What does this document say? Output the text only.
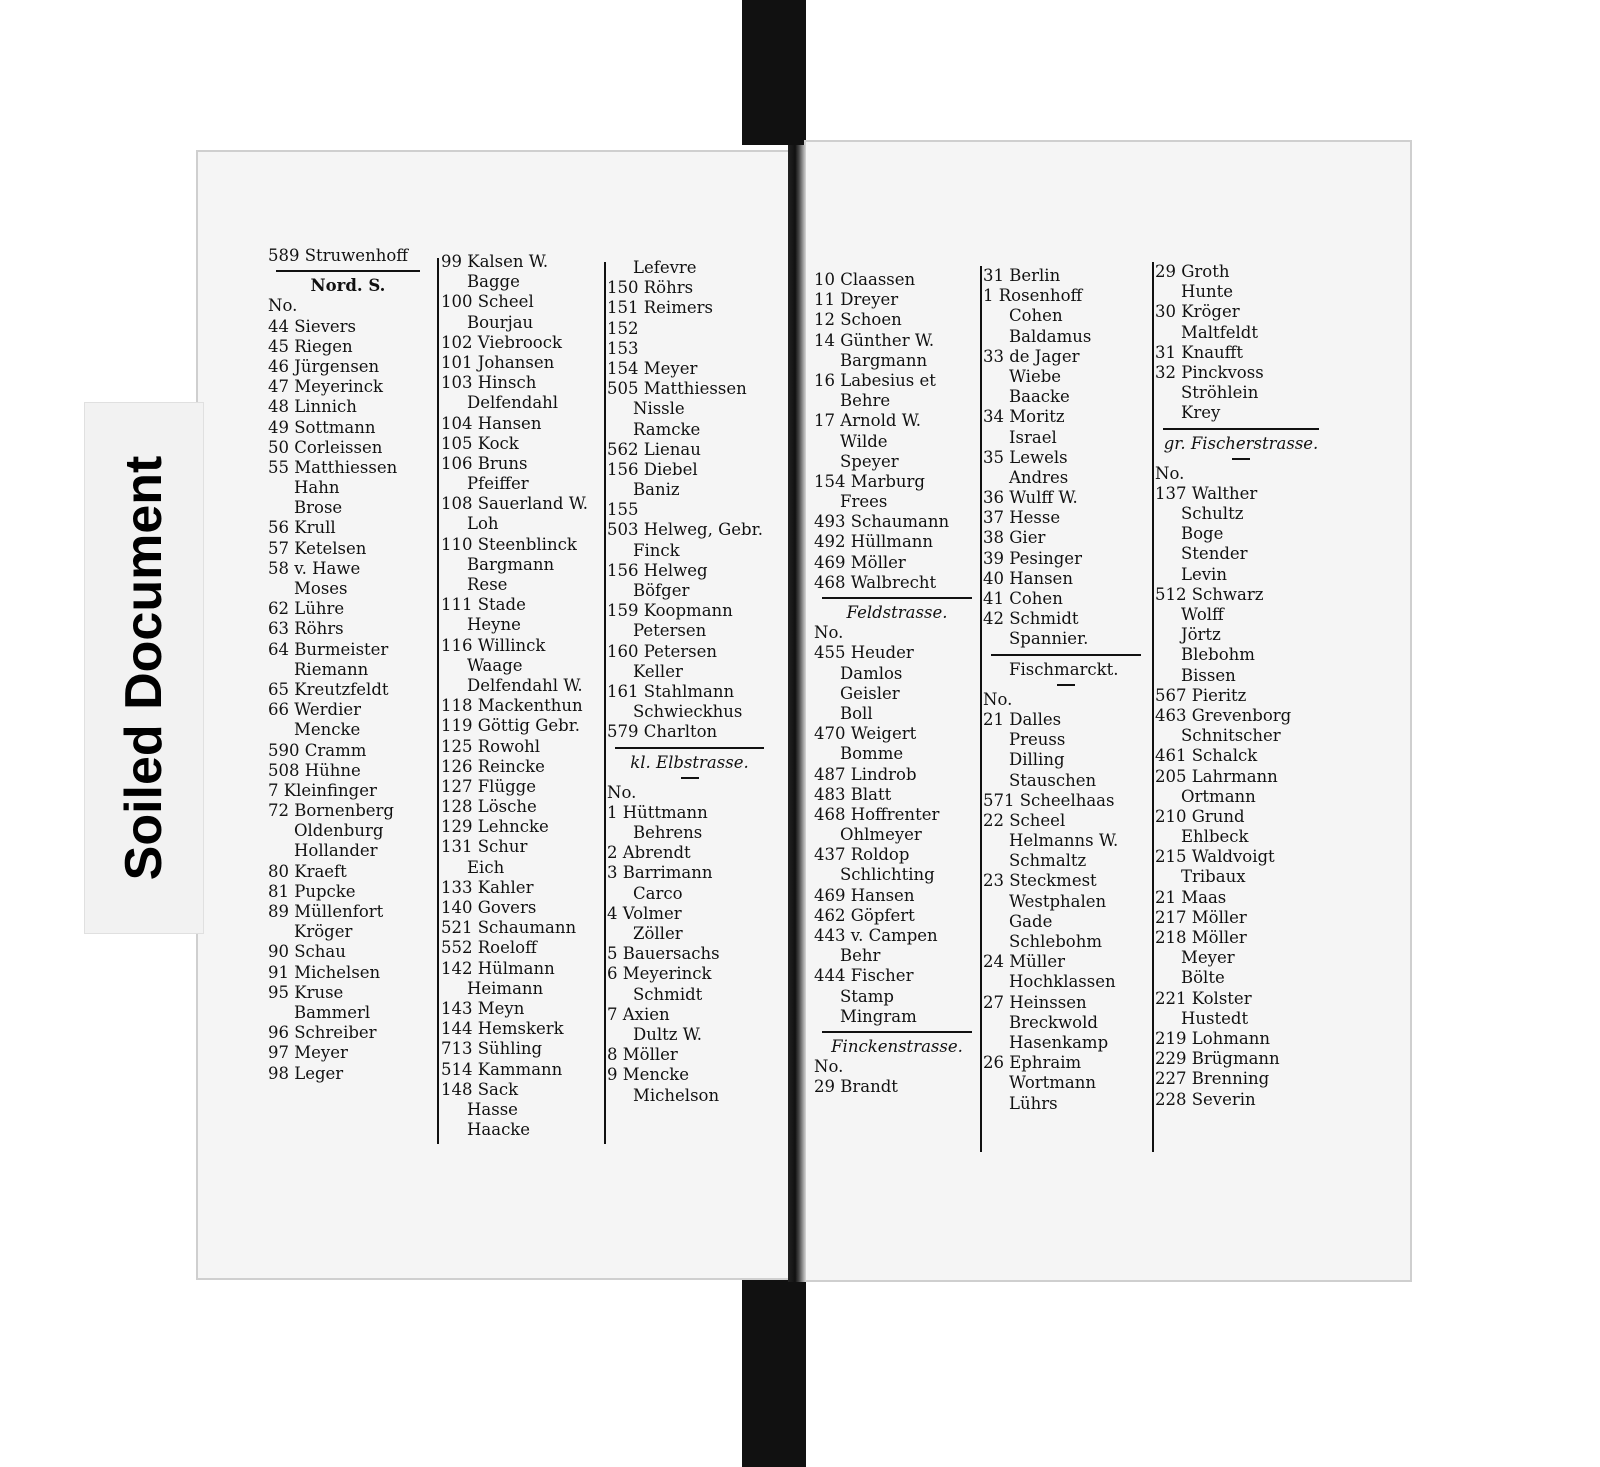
589 Struwenhoff
Nord. S.
No.
44 Sievers
45 Riegen
46 Jürgensen
47 Meyerinck
48 Linnich
49 Sottmann
50 Corleissen
55 Matthiessen
Hahn
Brose
56 Krull
57 Ketelsen
58 v. Hawe
Moses
62 Lühre
63 Röhrs
64 Burmeister
Riemann
65 Kreutzfeldt
66 Werdier
Mencke
590 Cramm
508 Hühne
7 Kleinfinger
72 Bornenberg
Oldenburg
Hollander
80 Kraeft
81 Pupcke
89 Müllenfort
Kröger
90 Schau
91 Michelsen
95 Kruse
Bammerl
96 Schreiber
97 Meyer
98 Leger
99 Kalsen W.
Bagge
100 Scheel
Bourjau
102 Viebroock
101 Johansen
103 Hinsch
Delfendahl
104 Hansen
105 Kock
106 Bruns
Pfeiffer
108 Sauerland W.
Loh
110 Steenblinck
Bargmann
Rese
111 Stade
Heyne
116 Willinck
Waage
Delfendahl W.
118 Mackenthun
119 Göttig Gebr.
125 Rowohl
126 Reincke
127 Flügge
128 Lösche
129 Lehncke
131 Schur
Eich
133 Kahler
140 Govers
521 Schaumann
552 Roeloff
142 Hülmann
Heimann
143 Meyn
144 Hemskerk
713 Sühling
514 Kammann
148 Sack
Hasse
Haacke
Lefevre
150 Röhrs
151 Reimers
152
153
154 Meyer
505 Matthiessen
Nissle
Ramcke
562 Lienau
156 Diebel
Baniz
155
503 Helweg, Gebr.
Finck
156 Helweg
Böfger
159 Koopmann
Petersen
160 Petersen
Keller
161 Stahlmann
Schwieckhus
579 Charlton
kl. Elbstrasse.
No.
1 Hüttmann
Behrens
2 Abrendt
3 Barrimann
Carco
4 Volmer
Zöller
5 Bauersachs
6 Meyerinck
Schmidt
7 Axien
Dultz W.
8 Möller
9 Mencke
Michelson
10 Claassen
11 Dreyer
12 Schoen
14 Günther W.
Bargmann
16 Labesius et
Behre
17 Arnold W.
Wilde
Speyer
154 Marburg
Frees
493 Schaumann
492 Hüllmann
469 Möller
468 Walbrecht
Feldstrasse.
No.
455 Heuder
Damlos
Geisler
Boll
470 Weigert
Bomme
487 Lindrob
483 Blatt
468 Hoffrenter
Ohlmeyer
437 Roldop
Schlichting
469 Hansen
462 Göpfert
443 v. Campen
Behr
444 Fischer
Stamp
Mingram
Finckenstrasse.
No.
29 Brandt
31 Berlin
1 Rosenhoff
Cohen
Baldamus
33 de Jager
Wiebe
Baacke
34 Moritz
Israel
35 Lewels
Andres
36 Wulff W.
37 Hesse
38 Gier
39 Pesinger
40 Hansen
41 Cohen
42 Schmidt
Spannier.
Fischmarckt.
No.
21 Dalles
Preuss
Dilling
Stauschen
571 Scheelhaas
22 Scheel
Helmanns W.
Schmaltz
23 Steckmest
Westphalen
Gade
Schlebohm
24 Müller
Hochklassen
27 Heinssen
Breckwold
Hasenkamp
26 Ephraim
Wortmann
Lührs
29 Groth
Hunte
30 Kröger
Maltfeldt
31 Knaufft
32 Pinckvoss
Ströhlein
Krey
gr. Fischerstrasse.
No.
137 Walther
Schultz
Boge
Stender
Levin
512 Schwarz
Wolff
Jörtz
Blebohm
Bissen
567 Pieritz
463 Grevenborg
Schnitscher
461 Schalck
205 Lahrmann
Ortmann
210 Grund
Ehlbeck
215 Waldvoigt
Tribaux
21 Maas
217 Möller
218 Möller
Meyer
Bölte
221 Kolster
Hustedt
219 Lohmann
229 Brügmann
227 Brenning
228 Severin
Soiled Document
